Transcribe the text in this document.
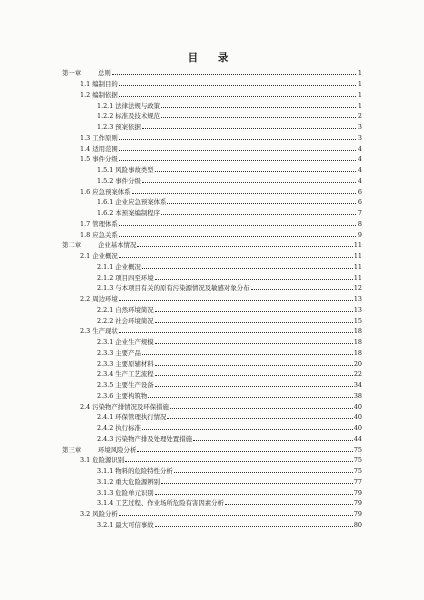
目 录
第一章	总则	1
1.1 编制目的	1
1.2 编制依据	1
1.2.1 法律法规与政策	1
1.2.2 标准及技术规范	2
1.2.3 预案依据	3
1.3 工作原则	3
1.4 适用范围	4
1.5 事件分级	4
1.5.1 风险事故类型	4
1.5.2 事件分级	4
1.6 应急预案体系	6
1.6.1 企业应急预案体系	6
1.6.2 本预案编制程序	7
1.7 管理体系	8
1.8 应急关系	9
第二章	企业基本情况	11
2.1 企业概况	11
2.1.1 企业概况	11
2.1.2 项目四至环境	11
2.1.3 与本项目有关的原有污染源情况及敏感对象分布	12
2.2 周边环境	13
2.2.1 自然环境简况	13
2.2.2 社会环境简况	15
2.3 生产现状	18
2.3.1 企业生产规模	18
2.3.3 主要产品	18
2.3.3 主要原辅材料	20
2.3.4 生产工艺流程	22
2.3.5 主要生产设备	34
2.3.6 主要构筑物	38
2.4 污染物产排情况及环保措施	40
2.4.1 环保管理执行情况	40
2.4.2 执行标准	40
2.4.3 污染物产排及处理处置措施	44
第三章	环境风险分析	75
3.1 危险源识别	75
3.1.1 物料的危险特性分析	75
3.1.2 重大危险源辨别	77
3.1.3 危险单元识别	79
3.1.4 工艺过程、作业场所危险有害因素分析	79
3.2 风险分析	79
3.2.1 最大可信事故	80
